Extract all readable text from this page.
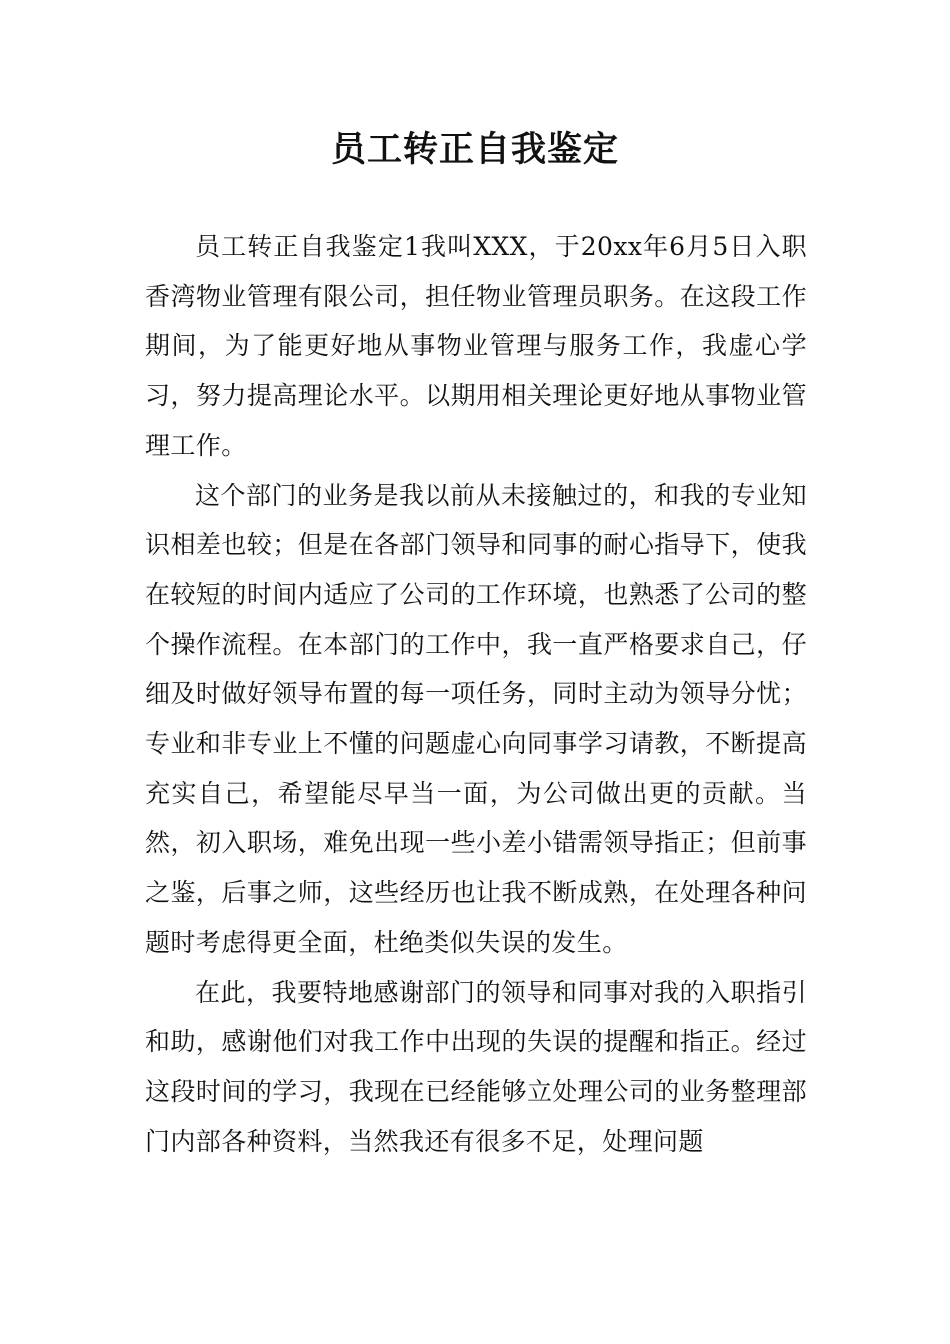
员工转正自我鉴定

员工转正自我鉴定1我叫XXX，于20xx年6月5日入职香湾物业管理有限公司，担任物业管理员职务。在这段工作期间，为了能更好地从事物业管理与服务工作，我虚心学习，努力提高理论水平。以期用相关理论更好地从事物业管理工作。

这个部门的业务是我以前从未接触过的，和我的专业知识相差也较；但是在各部门领导和同事的耐心指导下，使我在较短的时间内适应了公司的工作环境，也熟悉了公司的整个操作流程。在本部门的工作中，我一直严格要求自己，仔细及时做好领导布置的每一项任务，同时主动为领导分忧；专业和非专业上不懂的问题虚心向同事学习请教，不断提高充实自己，希望能尽早当一面，为公司做出更的贡献。当然，初入职场，难免出现一些小差小错需领导指正；但前事之鉴，后事之师，这些经历也让我不断成熟，在处理各种问题时考虑得更全面，杜绝类似失误的发生。

在此，我要特地感谢部门的领导和同事对我的入职指引和助，感谢他们对我工作中出现的失误的提醒和指正。经过这段时间的学习，我现在已经能够立处理公司的业务整理部门内部各种资料，当然我还有很多不足，处理问题
